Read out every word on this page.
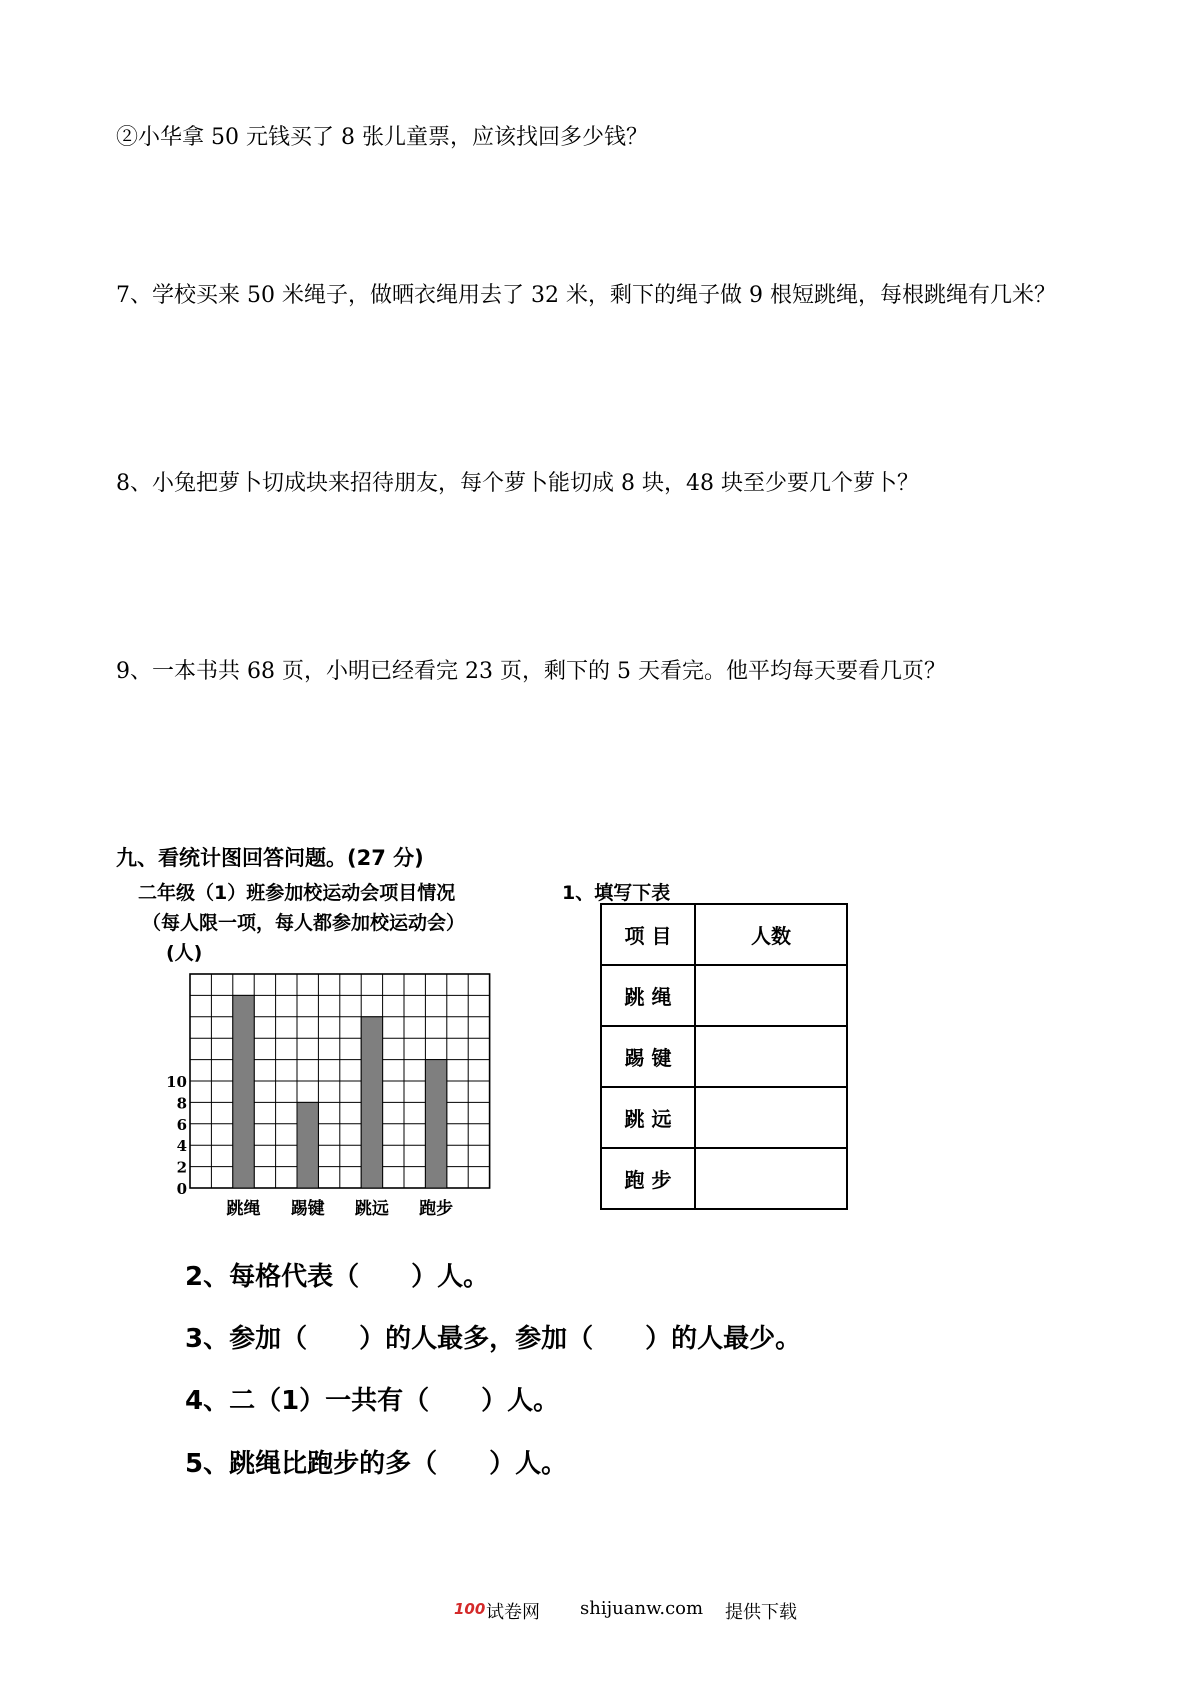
②小华拿 50 元钱买了 8 张儿童票，应该找回多少钱？
7、学校买来 50 米绳子，做晒衣绳用去了 32 米，剩下的绳子做 9 根短跳绳，每根跳绳有几米？
8、小兔把萝卜切成块来招待朋友，每个萝卜能切成 8 块，48 块至少要几个萝卜？
9、一本书共 68 页，小明已经看完 23 页，剩下的 5 天看完。他平均每天要看几页？
九、看统计图回答问题。(27 分)
二年级（1）班参加校运动会项目情况
（每人限一项，每人都参加校运动会）
(人)
跳绳 踢键 跳远 跑步
0
2
4
6
8
10
1、填写下表
项 目	人数
跳 绳	
踢 键	
跳 远	
跑 步	
2、每格代表（　　）人。
3、参加（　　）的人最多，参加（　　）的人最少。
4、二（1）一共有（　　）人。
5、跳绳比跑步的多（　　）人。
100 试卷网 shijuanw.com 提供下载
